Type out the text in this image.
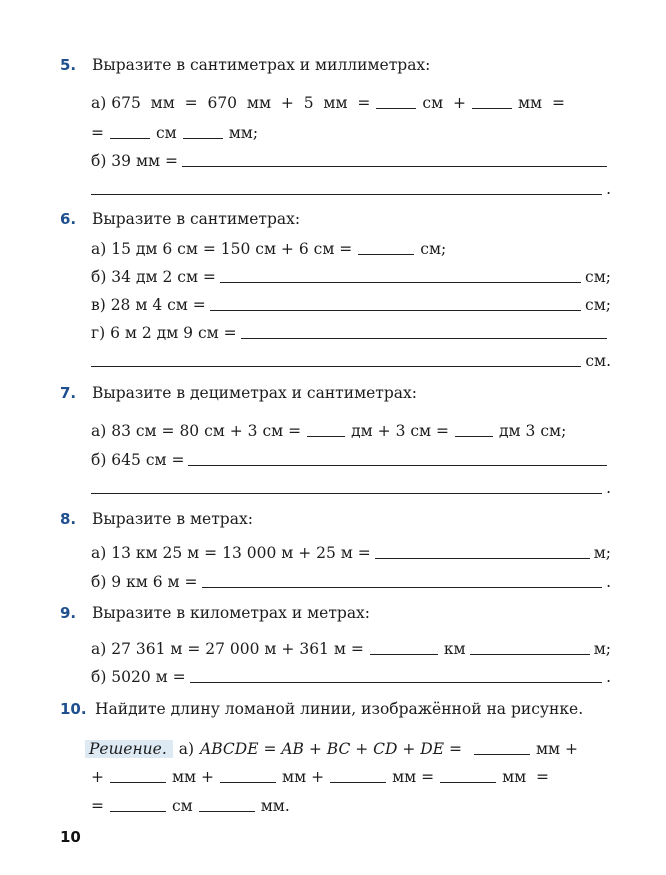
5. Выразите в сантиметрах и миллиметрах:
а) 675  мм  =  670  мм  +  5  мм  =	см  +	мм  =
=	см	мм;
б) 39 мм =
.
6. Выразите в сантиметрах:
а) 15 дм 6 см = 150 см + 6 см =	см;
б) 34 дм 2 см =	см;
в) 28 м 4 см =	см;
г) 6 м 2 дм 9 см =
см.
7. Выразите в дециметрах и сантиметрах:
а) 83 см = 80 см + 3 см =	дм + 3 см =	дм 3 см;
б) 645 см =
.
8. Выразите в метрах:
а) 13 км 25 м = 13 000 м + 25 м =	м;
б) 9 км 6 м =	.
9. Выразите в километрах и метрах:
а) 27 361 м = 27 000 м + 361 м =	км	м;
б) 5020 м =	.
10. Найдите длину ломаной линии, изображённой на рисунке.
Решение. а) ABCDE = AB + BC + CD + DE =	мм +
+	мм +	мм +	мм =	мм  =
=	см	мм.
10
